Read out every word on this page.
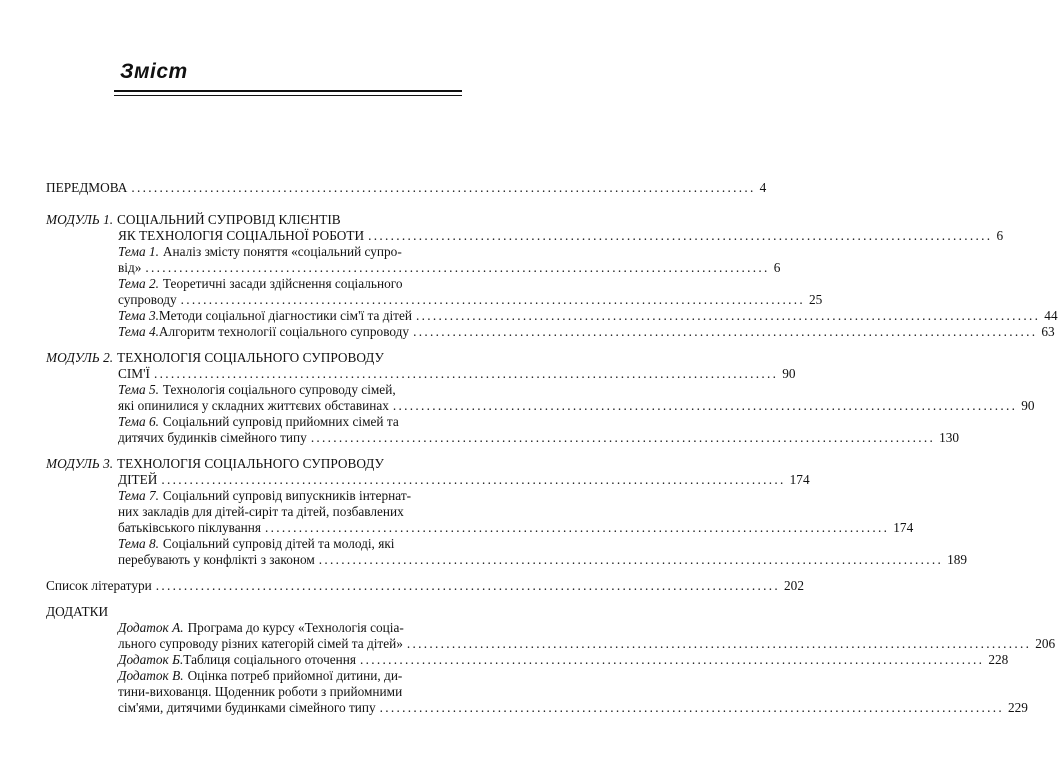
Зміст
ПЕРЕДМОВА ............................................................................................................... 4
МОДУЛЬ 1. СОЦІАЛЬНИЙ СУПРОВІД КЛІЄНТІВ
ЯК ТЕХНОЛОГІЯ СОЦІАЛЬНОЇ РОБОТИ ............................................................................................................... 6
Тема 1. Аналіз змісту поняття «соціальний супро-
від» ............................................................................................................... 6
Тема 2. Теоретичні засади здійснення соціального
супроводу ............................................................................................................... 25
Тема 3. Методи соціальної діагностики сім'ї та дітей ............................................................................................................... 44
Тема 4. Алгоритм технології соціального супроводу ............................................................................................................... 63
МОДУЛЬ 2. ТЕХНОЛОГІЯ СОЦІАЛЬНОГО СУПРОВОДУ
СІМ'Ї ............................................................................................................... 90
Тема 5. Технологія соціального супроводу сімей,
які опинилися у складних життєвих обставинах ............................................................................................................... 90
Тема 6. Соціальний супровід прийомних сімей та
дитячих будинків сімейного типу ............................................................................................................... 130
МОДУЛЬ 3. ТЕХНОЛОГІЯ СОЦІАЛЬНОГО СУПРОВОДУ
ДІТЕЙ ............................................................................................................... 174
Тема 7. Соціальний супровід випускників інтернат-
них закладів для дітей-сиріт та дітей, позбавлених
батьківського піклування ............................................................................................................... 174
Тема 8. Соціальний супровід дітей та молоді, які
перебувають у конфлікті з законом ............................................................................................................... 189
Список літератури ............................................................................................................... 202
ДОДАТКИ
Додаток А. Програма до курсу «Технологія соціа-
льного супроводу різних категорій сімей та дітей» ............................................................................................................... 206
Додаток Б. Таблиця соціального оточення ............................................................................................................... 228
Додаток В. Оцінка потреб прийомної дитини, ди-
тини-вихованця. Щоденник роботи з прийомними
сім'ями, дитячими будинками сімейного типу ............................................................................................................... 229
